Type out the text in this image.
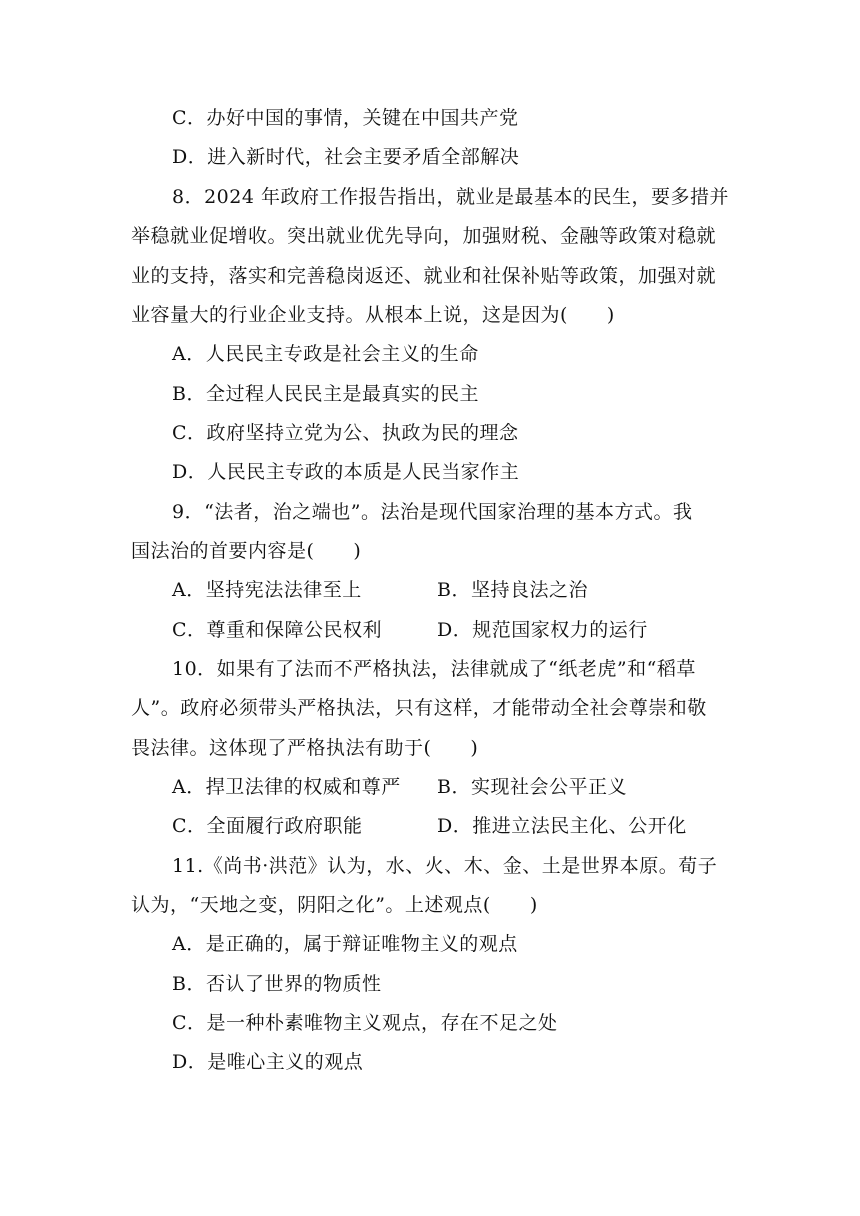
C．办好中国的事情，关键在中国共产党
D．进入新时代，社会主要矛盾全部解决
8．2024 年政府工作报告指出，就业是最基本的民生，要多措并
举稳就业促增收。突出就业优先导向，加强财税、金融等政策对稳就
业的支持，落实和完善稳岗返还、就业和社保补贴等政策，加强对就
业容量大的行业企业支持。从根本上说，这是因为(　　)
A．人民民主专政是社会主义的生命
B．全过程人民民主是最真实的民主
C．政府坚持立党为公、执政为民的理念
D．人民民主专政的本质是人民当家作主
9．“法者，治之端也”。法治是现代国家治理的基本方式。我
国法治的首要内容是(　　)
A．坚持宪法法律至上	B．坚持良法之治
C．尊重和保障公民权利	D．规范国家权力的运行
10．如果有了法而不严格执法，法律就成了“纸老虎”和“稻草
人”。政府必须带头严格执法，只有这样，才能带动全社会尊崇和敬
畏法律。这体现了严格执法有助于(　　)
A．捍卫法律的权威和尊严 B．实现社会公平正义
C．全面履行政府职能	D．推进立法民主化、公开化
11.《尚书·洪范》认为，水、火、木、金、土是世界本原。荀子
认为，“天地之变，阴阳之化”。上述观点(　　)
A．是正确的，属于辩证唯物主义的观点
B．否认了世界的物质性
C．是一种朴素唯物主义观点，存在不足之处
D．是唯心主义的观点
